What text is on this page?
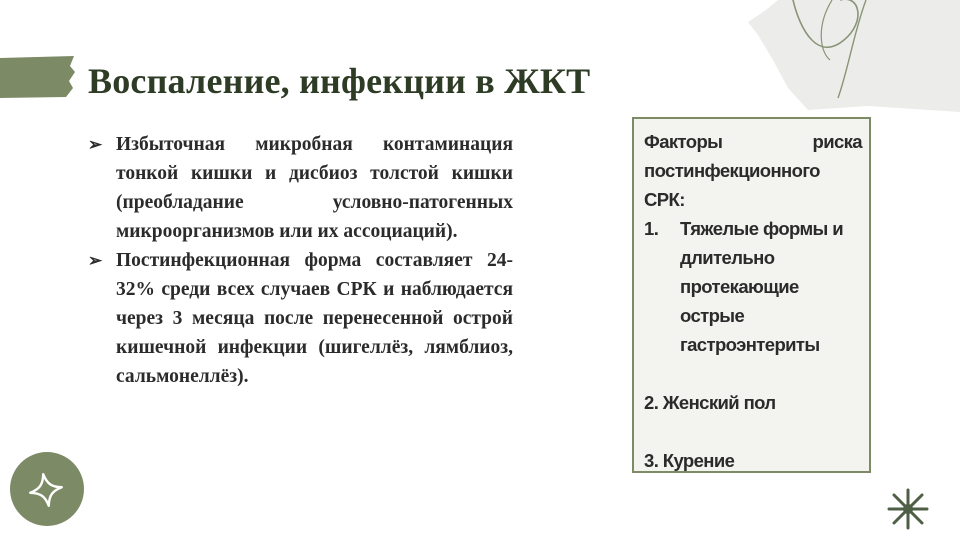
Воспаление, инфекции в ЖКТ

➢ Избыточная микробная контаминация тонкой кишки и дисбиоз толстой кишки (преобладание условно-патогенных микроорганизмов или их ассоциаций).

➢ Постинфекционная форма составляет 24-32% среди всех случаев СРК и наблюдается через 3 месяца после перенесенной острой кишечной инфекции (шигеллёз, лямблиоз, сальмонеллёз).

Факторы риска постинфекционного СРК:

1. Тяжелые формы и длительно протекающие острые гастроэнтериты

2. Женский пол

3. Курение
